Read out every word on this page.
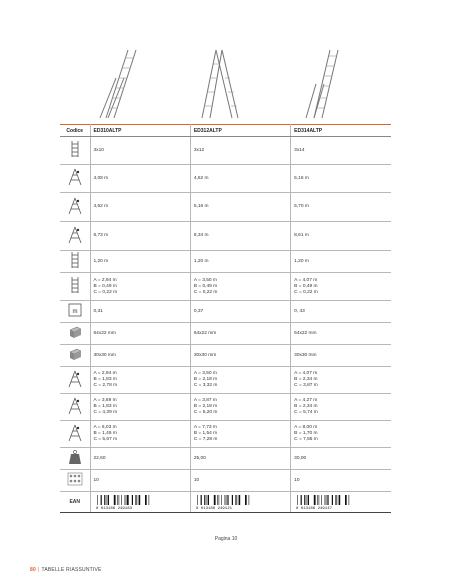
Codice	ED310ALTP	ED312ALTP	ED314ALTP

3x10	3x12	3x14

4,08 m	4,62 m	5,16 m

4,62 m	5,16 m	5,70 m

6,73 m	8,34 m	8,61 m

1,20 m	1,20 m	1,20 m

A = 2,94 m
B = 0,49 m
C = 0,22 m	A = 3,50 m
B = 0,49 m
C = 0,22 m	A = 4,07 m
B = 0,49 m
C = 0,22 m

m	0,31	0,37	0, 43

64x22 mm	64x22 mm	64x22 mm

30x30 mm	30x30 mm	30x30 mm

A = 2,94 m
B = 1,83 m
C = 2,78 m	A = 3,50 m
B = 2,18 m
C = 3,32 m	A = 4,07 m
B = 2,34 m
C = 3,87 m

A = 3,69 m
B = 1,83 m
C = 4,39 m	A = 3,87 m
B = 2,18 m
C = 5,20 m	A = 4,27 m
B = 2,34 m
C = 5,74 m

A = 6,03 m
B = 1,46 m
C = 5,67 m	A = 7,73 m
B = 1,54 m
C = 7,28 m	A = 8,00 m
B = 1,70 m
C = 7,55 m

22,60	25,00	30,00

10	10	10

EAN	8 013186 249183	8 013186 249121	8 013186 249147
Pagina 10
80 | TABELLE RIASSUNTIVE
